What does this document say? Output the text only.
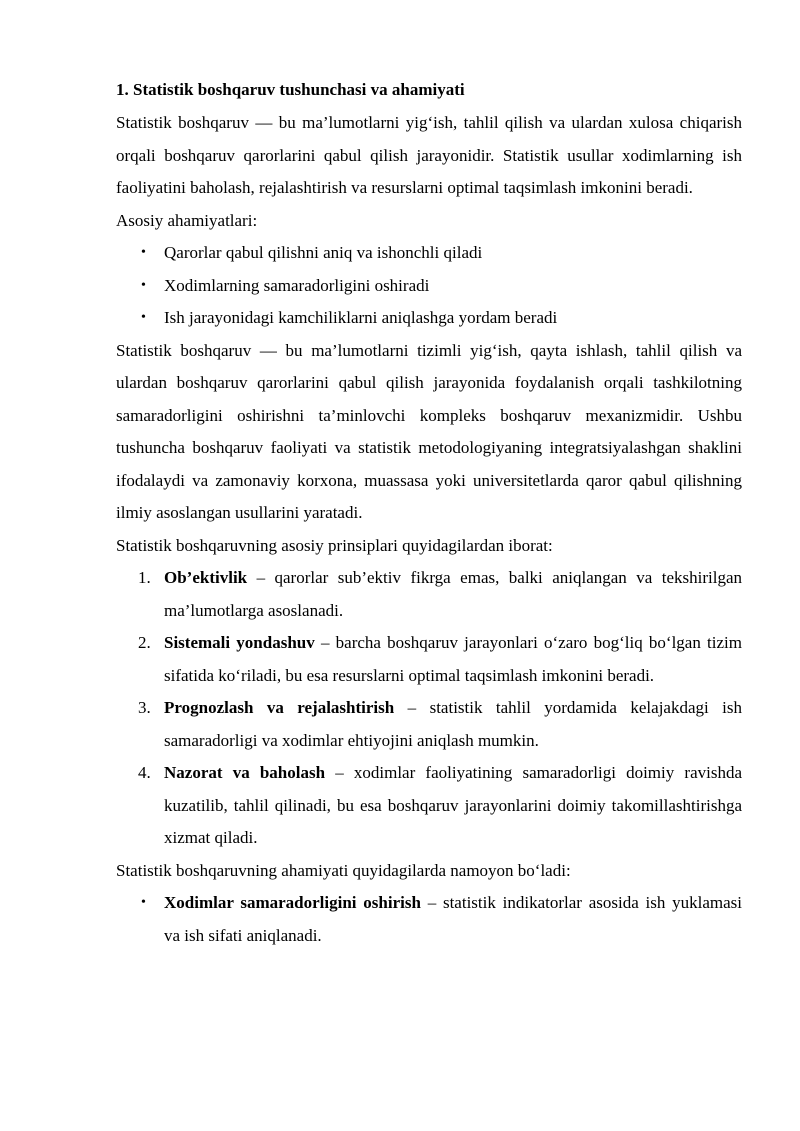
1. Statistik boshqaruv tushunchasi va ahamiyati

Statistik boshqaruv — bu ma’lumotlarni yig‘ish, tahlil qilish va ulardan xulosa chiqarish orqali boshqaruv qarorlarini qabul qilish jarayonidir. Statistik usullar xodimlarning ish faoliyatini baholash, rejalashtirish va resurslarni optimal taqsimlash imkonini beradi.

Asosiy ahamiyatlari:

• Qarorlar qabul qilishni aniq va ishonchli qiladi
• Xodimlarning samaradorligini oshiradi
• Ish jarayonidagi kamchiliklarni aniqlashga yordam beradi

Statistik boshqaruv — bu ma’lumotlarni tizimli yig‘ish, qayta ishlash, tahlil qilish va ulardan boshqaruv qarorlarini qabul qilish jarayonida foydalanish orqali tashkilotning samaradorligini oshirishni ta’minlovchi kompleks boshqaruv mexanizmidir. Ushbu tushuncha boshqaruv faoliyati va statistik metodologiyaning integratsiyalashgan shaklini ifodalaydi va zamonaviy korxona, muassasa yoki universitetlarda qaror qabul qilishning ilmiy asoslangan usullarini yaratadi.

Statistik boshqaruvning asosiy prinsiplari quyidagilardan iborat:

1. Ob’ektivlik – qarorlar sub’ektiv fikrga emas, balki aniqlangan va tekshirilgan ma’lumotlarga asoslanadi.
2. Sistemali yondashuv – barcha boshqaruv jarayonlari o‘zaro bog‘liq bo‘lgan tizim sifatida ko‘riladi, bu esa resurslarni optimal taqsimlash imkonini beradi.
3. Prognozlash va rejalashtirish – statistik tahlil yordamida kelajakdagi ish samaradorligi va xodimlar ehtiyojini aniqlash mumkin.
4. Nazorat va baholash – xodimlar faoliyatining samaradorligi doimiy ravishda kuzatilib, tahlil qilinadi, bu esa boshqaruv jarayonlarini doimiy takomillashtirishga xizmat qiladi.

Statistik boshqaruvning ahamiyati quyidagilarda namoyon bo‘ladi:

• Xodimlar samaradorligini oshirish – statistik indikatorlar asosida ish yuklamasi va ish sifati aniqlanadi.
